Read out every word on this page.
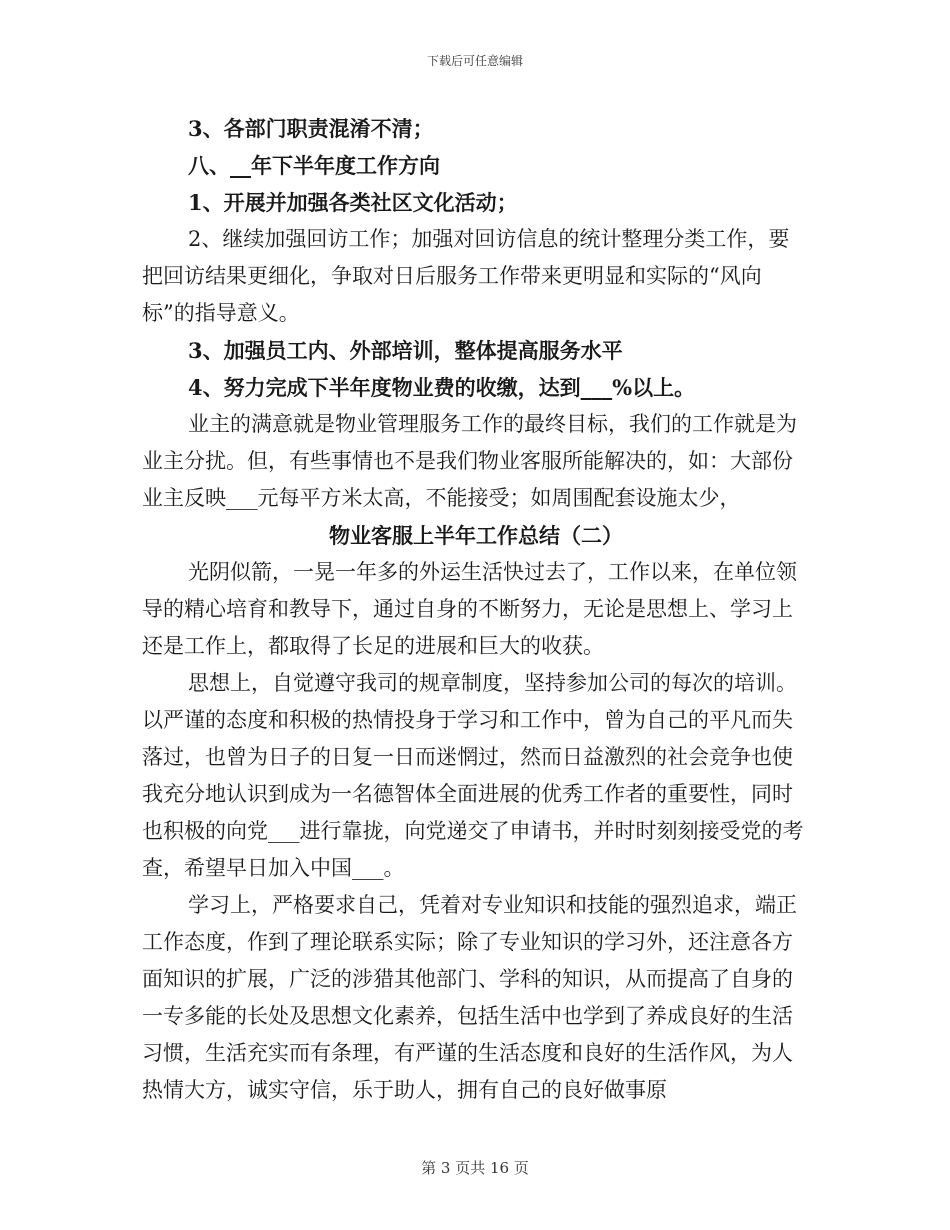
下载后可任意编辑

3、各部门职责混淆不清；

八、__年下半年度工作方向

1、开展并加强各类社区文化活动；

2、继续加强回访工作；加强对回访信息的统计整理分类工作，要把回访结果更细化，争取对日后服务工作带来更明显和实际的“风向标”的指导意义。

3、加强员工内、外部培训，整体提高服务水平

4、努力完成下半年度物业费的收缴，达到___%以上。

业主的满意就是物业管理服务工作的最终目标，我们的工作就是为业主分扰。但，有些事情也不是我们物业客服所能解决的，如：大部份业主反映___元每平方米太高，不能接受；如周围配套设施太少，

物业客服上半年工作总结（二）

光阴似箭，一晃一年多的外运生活快过去了，工作以来，在单位领导的精心培育和教导下，通过自身的不断努力，无论是思想上、学习上还是工作上，都取得了长足的进展和巨大的收获。

思想上，自觉遵守我司的规章制度，坚持参加公司的每次的培训。以严谨的态度和积极的热情投身于学习和工作中，曾为自己的平凡而失落过，也曾为日子的日复一日而迷惘过，然而日益激烈的社会竞争也使我充分地认识到成为一名德智体全面进展的优秀工作者的重要性，同时也积极的向党___进行靠拢，向党递交了申请书，并时时刻刻接受党的考查，希望早日加入中国___。

学习上，严格要求自己，凭着对专业知识和技能的强烈追求，端正工作态度，作到了理论联系实际；除了专业知识的学习外，还注意各方面知识的扩展，广泛的涉猎其他部门、学科的知识，从而提高了自身的一专多能的长处及思想文化素养，包括生活中也学到了养成良好的生活习惯，生活充实而有条理，有严谨的生活态度和良好的生活作风，为人热情大方，诚实守信，乐于助人，拥有自己的良好做事原

第 3 页共 16 页
